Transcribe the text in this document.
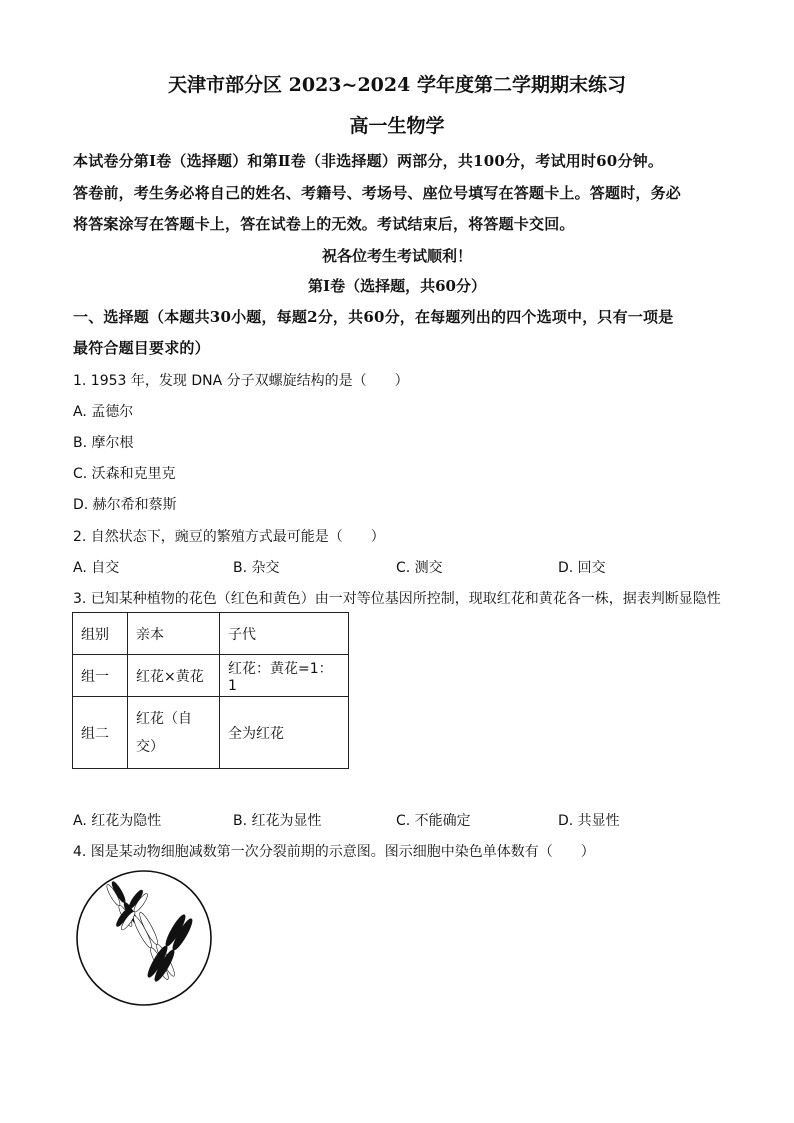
天津市部分区 2023~2024 学年度第二学期期末练习
高一生物学
本试卷分第Ⅰ卷（选择题）和第Ⅱ卷（非选择题）两部分，共100分，考试用时60分钟。
答卷前，考生务必将自己的姓名、考籍号、考场号、座位号填写在答题卡上。答题时，务必
将答案涂写在答题卡上，答在试卷上的无效。考试结束后，将答题卡交回。
祝各位考生考试顺利！
第Ⅰ卷（选择题，共60分）
一、选择题（本题共30小题，每题2分，共60分，在每题列出的四个选项中，只有一项是
最符合题目要求的）
1. 1953 年，发现 DNA 分子双螺旋结构的是（　　）
A. 孟德尔
B. 摩尔根
C. 沃森和克里克
D. 赫尔希和蔡斯
2. 自然状态下，豌豆的繁殖方式最可能是（　　）
A. 自交	B. 杂交	C. 测交	D. 回交
3. 已知某种植物的花色（红色和黄色）由一对等位基因所控制，现取红花和黄花各一株，据表判断显隐性
组别	亲本	子代
组一	红花×黄花	红花：黄花=1：1
组二	红花（自
交）	全为红花
A. 红花为隐性	B. 红花为显性	C. 不能确定	D. 共显性
4. 图是某动物细胞减数第一次分裂前期的示意图。图示细胞中染色单体数有（　　）
